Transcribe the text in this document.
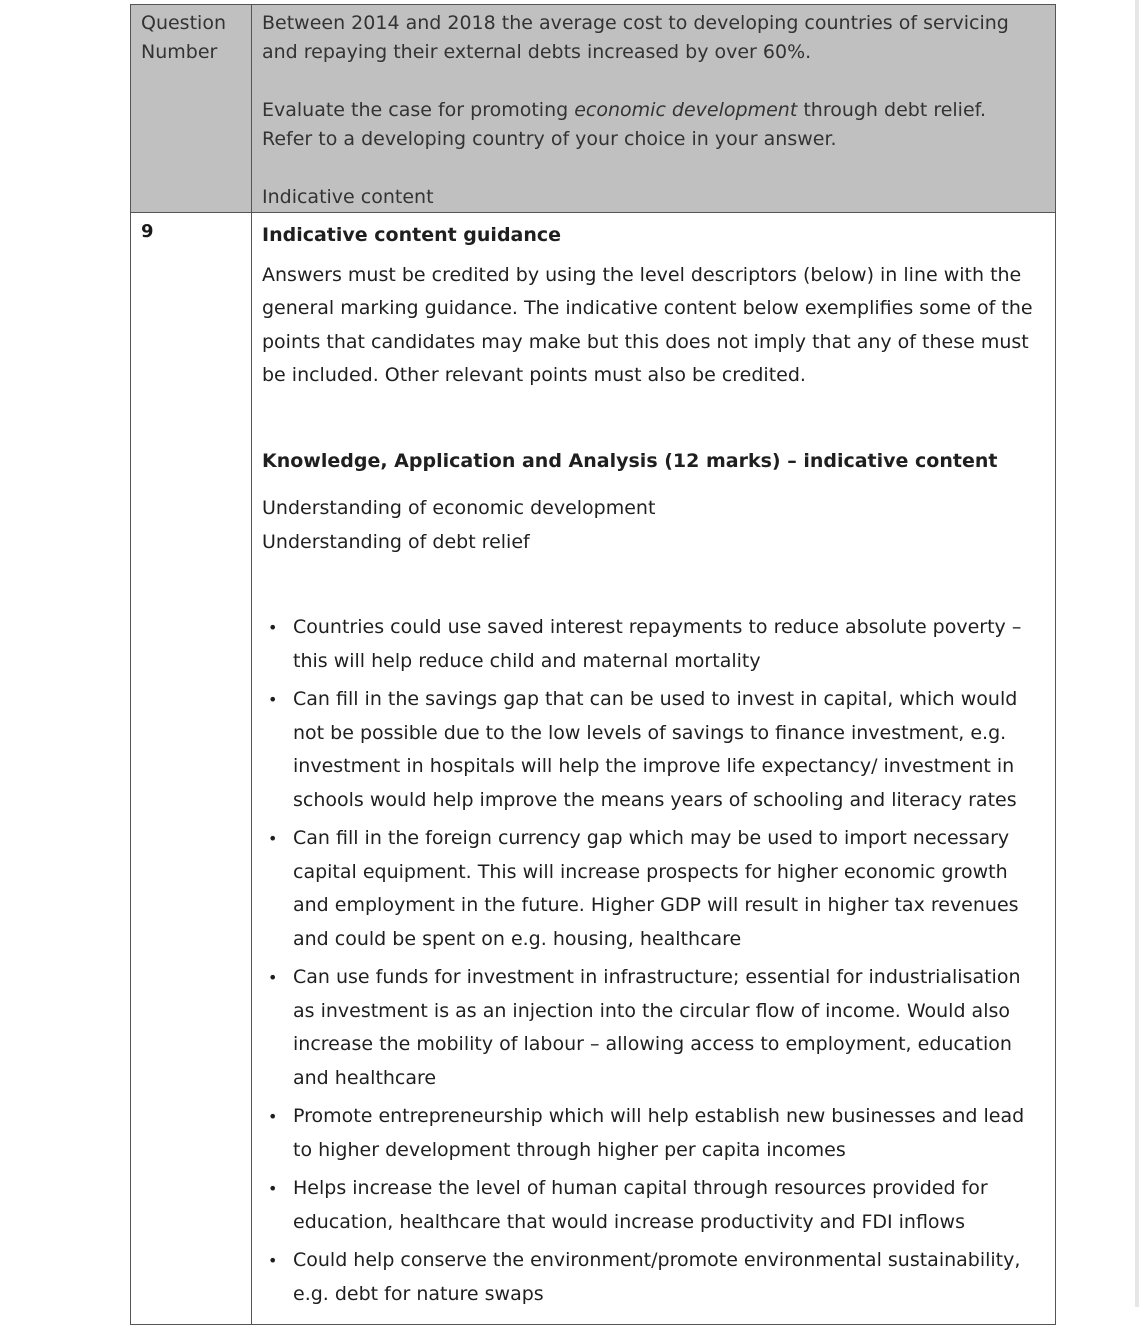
Question Number	Between 2014 and 2018 the average cost to developing countries of servicing and repaying their external debts increased by over 60%.

Evaluate the case for promoting economic development through debt relief.

Refer to a developing country of your choice in your answer.

Indicative content

9	Indicative content guidance

Answers must be credited by using the level descriptors (below) in line with the general marking guidance. The indicative content below exemplifies some of the points that candidates may make but this does not imply that any of these must be included. Other relevant points must also be credited.

Knowledge, Application and Analysis (12 marks) – indicative content

Understanding of economic development

Understanding of debt relief

• Countries could use saved interest repayments to reduce absolute poverty – this will help reduce child and maternal mortality
• Can fill in the savings gap that can be used to invest in capital, which would not be possible due to the low levels of savings to finance investment, e.g. investment in hospitals will help the improve life expectancy/ investment in schools would help improve the means years of schooling and literacy rates
• Can fill in the foreign currency gap which may be used to import necessary capital equipment. This will increase prospects for higher economic growth and employment in the future. Higher GDP will result in higher tax revenues and could be spent on e.g. housing, healthcare
• Can use funds for investment in infrastructure; essential for industrialisation as investment is as an injection into the circular flow of income. Would also increase the mobility of labour – allowing access to employment, education and healthcare
• Promote entrepreneurship which will help establish new businesses and lead to higher development through higher per capita incomes
• Helps increase the level of human capital through resources provided for education, healthcare that would increase productivity and FDI inflows
• Could help conserve the environment/promote environmental sustainability, e.g. debt for nature swaps
